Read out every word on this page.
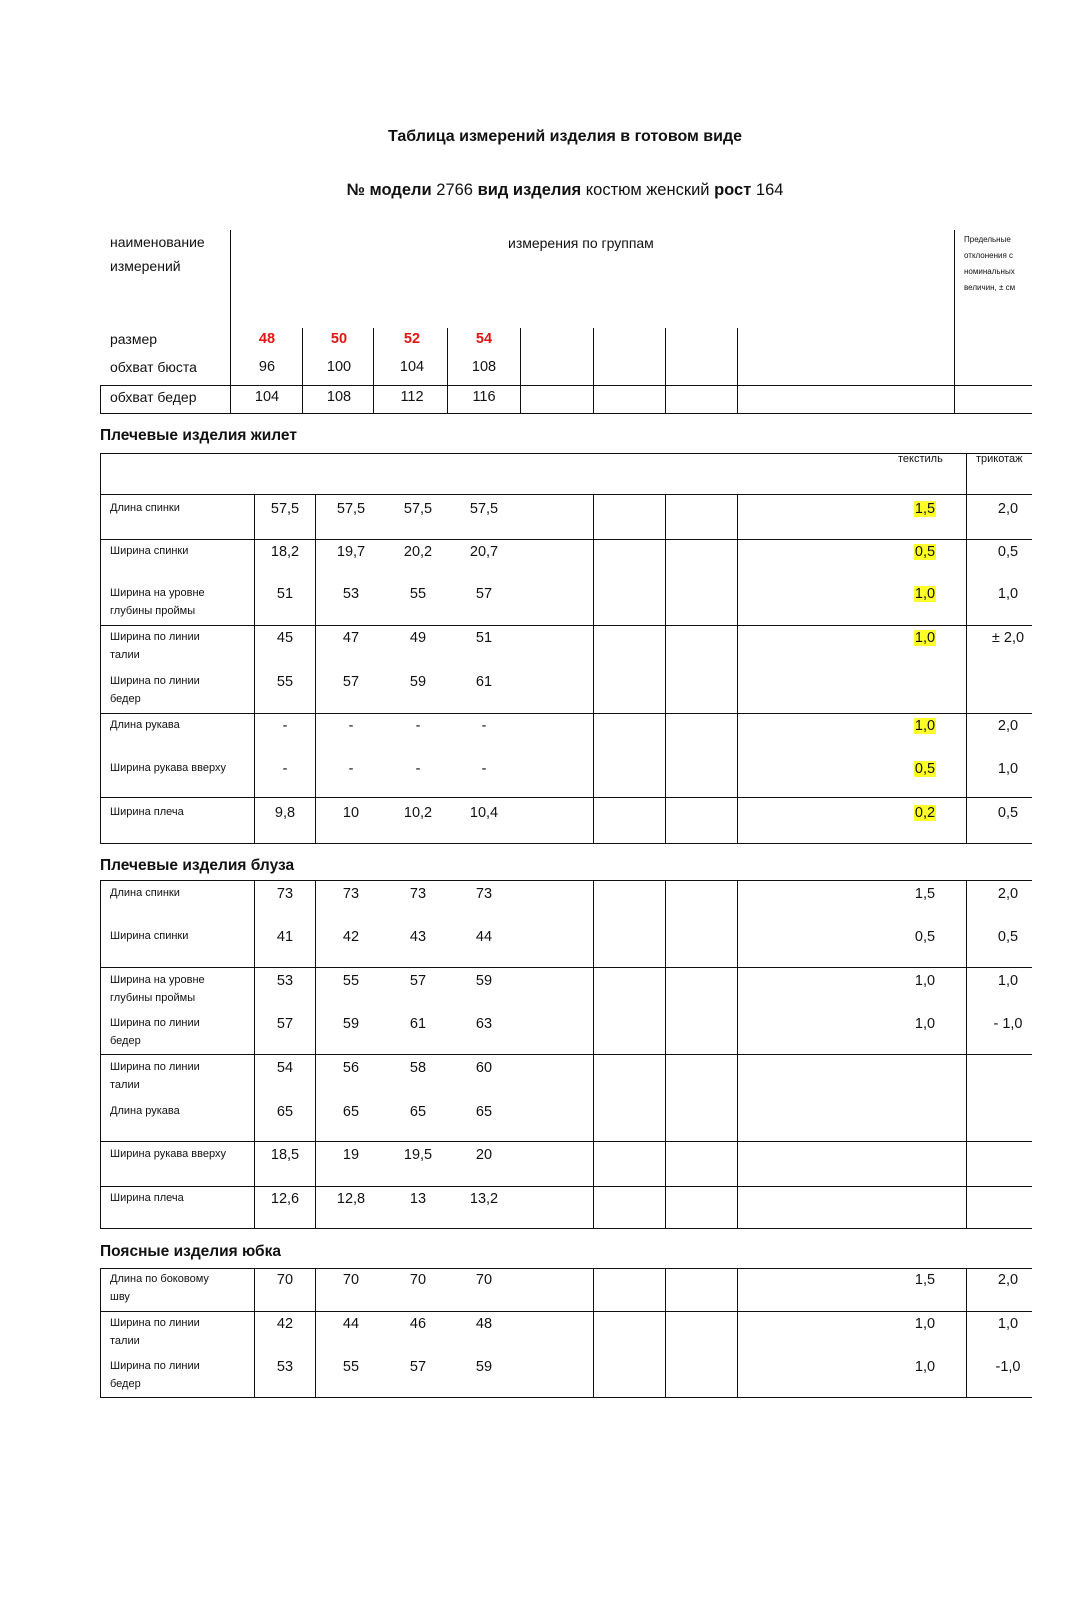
Таблица измерений изделия в готовом виде
№ модели 2766 вид изделия костюм женский рост 164
наименование
измерений
измерения по группам	Предельные
отклонения с
номинальных
величин, ± см
размер	48	50	52	54
обхват бюста	96	100	104	108
обхват бедер	104	108	112	116
Длина спинки	57,5	57,5	57,5	57,5	1,5	2,0
Ширина спинки	18,2	19,7	20,2	20,7	0,5	0,5
Ширина на уровне
глубины проймы
51	53	55	57	1,0	1,0
Ширина по линии
талии
45	47	49	51	1,0	± 2,0
Ширина по линии
бедер
55	57	59	61
Длина рукава	-	-	-	-	1,0	2,0
Ширина рукава вверху	-	-	-	-	0,5	1,0
Ширина плеча	9,8	10	10,2	10,4	0,2	0,5
Длина спинки	73	73	73	73	1,5	2,0
Ширина спинки	41	42	43	44	0,5	0,5
Ширина на уровне
глубины проймы
53	55	57	59	1,0	1,0
Ширина по линии
бедер
57	59	61	63	1,0	- 1,0
Ширина по линии
талии
54	56	58	60
Длина рукава	65	65	65	65
Ширина рукава вверху	18,5	19	19,5	20
Ширина плеча	12,6	12,8	13	13,2
Длина по боковому
шву
70	70	70	70	1,5	2,0
Ширина по линии
талии
42	44	46	48	1,0	1,0
Ширина по линии
бедер
53	55	57	59	1,0	-1,0
Плечевые изделия жилет
текстиль	трикотаж
Плечевые изделия блуза
Поясные изделия юбка
